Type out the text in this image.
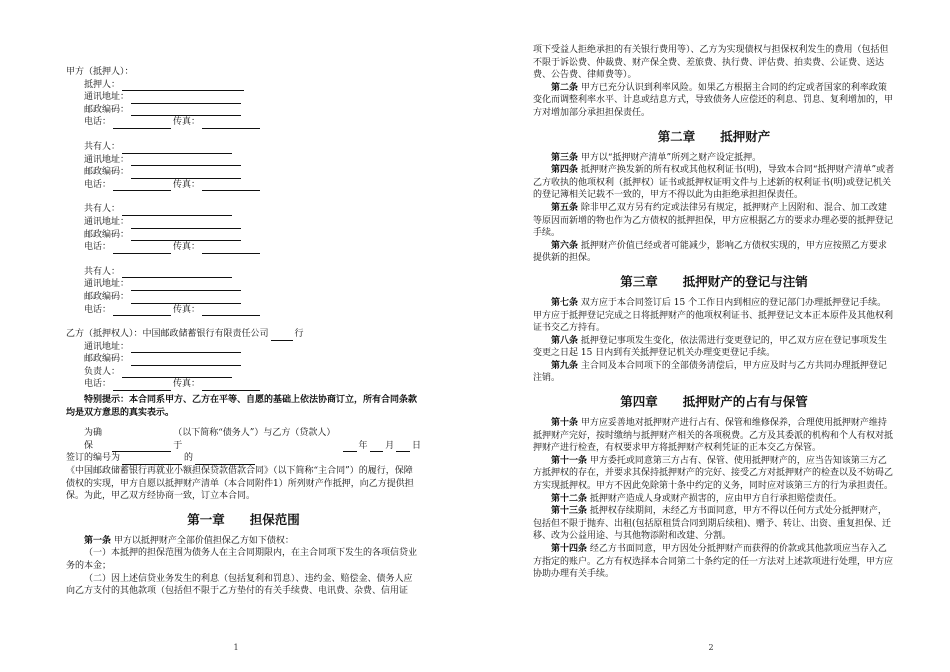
甲方（抵押人）：
抵押人：
通讯地址：
邮政编码：
电话：	传真：
共有人：
通讯地址：
邮政编码：
电话：	传真：
共有人：
通讯地址：
邮政编码：
电话：	传真：
共有人：
通讯地址：
邮政编码：
电话：	传真：
乙方（抵押权人）：中国邮政储蓄银行有限责任公司	行
通讯地址：
邮政编码：
负责人：
电话：	传真：

特别提示：本合同系甲方、乙方在平等、自愿的基础上依法协商订立，所有合同条款均是双方意思的真实表示。

为确保
（以下简称“债务人”）与乙方（贷款人）于	年 月 日
签订的编号为	的

《中国邮政储蓄银行再就业小额担保贷款借款合同》（以下简称“主合同”）的履行，保障债权的实现，甲方自愿以抵押财产清单（本合同附件1）所列财产作抵押，向乙方提供担保。为此，甲乙双方经协商一致，订立本合同。

第一章　　担保范围

第一条 甲方以抵押财产全部价值担保乙方如下债权：

（一）本抵押的担保范围为债务人在主合同期限内，在主合同项下发生的各项信贷业务的本金；

（二）因上述信贷业务发生的利息（包括复利和罚息）、违约金、赔偿金、债务人应向乙方支付的其他款项（包括但不限于乙方垫付的有关手续费、电讯费、杂费、信用证

1

项下受益人拒绝承担的有关银行费用等）、乙方为实现债权与担保权利发生的费用（包括但不限于诉讼费、仲裁费、财产保全费、差旅费、执行费、评估费、拍卖费、公证费、送达费、公告费、律师费等）。

第二条 甲方已充分认识到利率风险。如果乙方根据主合同的约定或者国家的利率政策变化而调整利率水平、计息或结息方式，导致债务人应偿还的利息、罚息、复利增加的，甲方对增加部分承担担保责任。

第二章　　抵押财产

第三条 甲方以“抵押财产清单”所列之财产设定抵押。

第四条 抵押财产换发新的所有权或其他权利证书(明)，导致本合同“抵押财产清单”或者乙方收执的他项权利（抵押权）证书或抵押权证明文件与上述新的权利证书(明)或登记机关的登记簿相关记载不一致的，甲方不得以此为由拒绝承担担保责任。

第五条 除非甲乙双方另有约定或法律另有规定，抵押财产上因附和、混合、加工改建等原因而新增的物也作为乙方债权的抵押担保，甲方应根据乙方的要求办理必要的抵押登记手续。

第六条 抵押财产价值已经或者可能减少，影响乙方债权实现的，甲方应按照乙方要求提供新的担保。

第三章　　抵押财产的登记与注销

第七条 双方应于本合同签订后 15 个工作日内到相应的登记部门办理抵押登记手续。甲方应于抵押登记完成之日将抵押财产的他项权利证书、抵押登记文本正本原件及其他权利证书交乙方持有。

第八条 抵押登记事项发生变化，依法需进行变更登记的，甲乙双方应在登记事项发生变更之日起 15 日内到有关抵押登记机关办理变更登记手续。

第九条 主合同及本合同项下的全部债务清偿后，甲方应及时与乙方共同办理抵押登记注销。

第四章　　抵押财产的占有与保管

第十条 甲方应妥善地对抵押财产进行占有、保管和维修保养，合理使用抵押财产维持抵押财产完好，按时缴纳与抵押财产相关的各项税费。乙方及其委派的机构和个人有权对抵押财产进行检查，有权要求甲方将抵押财产权利凭证的正本交乙方保管。

第十一条 甲方委托或同意第三方占有、保管、使用抵押财产的，应当告知该第三方乙方抵押权的存在，并要求其保持抵押财产的完好、接受乙方对抵押财产的检查以及不妨碍乙方实现抵押权。甲方不因此免除第十条中约定的义务，同时应对该第三方的行为承担责任。

第十二条 抵押财产造成人身或财产损害的，应由甲方自行承担赔偿责任。

第十三条 抵押权存续期间，未经乙方书面同意，甲方不得以任何方式处分抵押财产，包括但不限于抛弃、出租(包括原租赁合同到期后续租)、赠予、转让、出资、重复担保、迁移、改为公益用途、与其他物添附和改建、分割。

第十四条 经乙方书面同意，甲方因处分抵押财产而获得的价款或其他款项应当存入乙方指定的账户。乙方有权选择本合同第二十条约定的任一方法对上述款项进行处理，甲方应协助办理有关手续。

2
